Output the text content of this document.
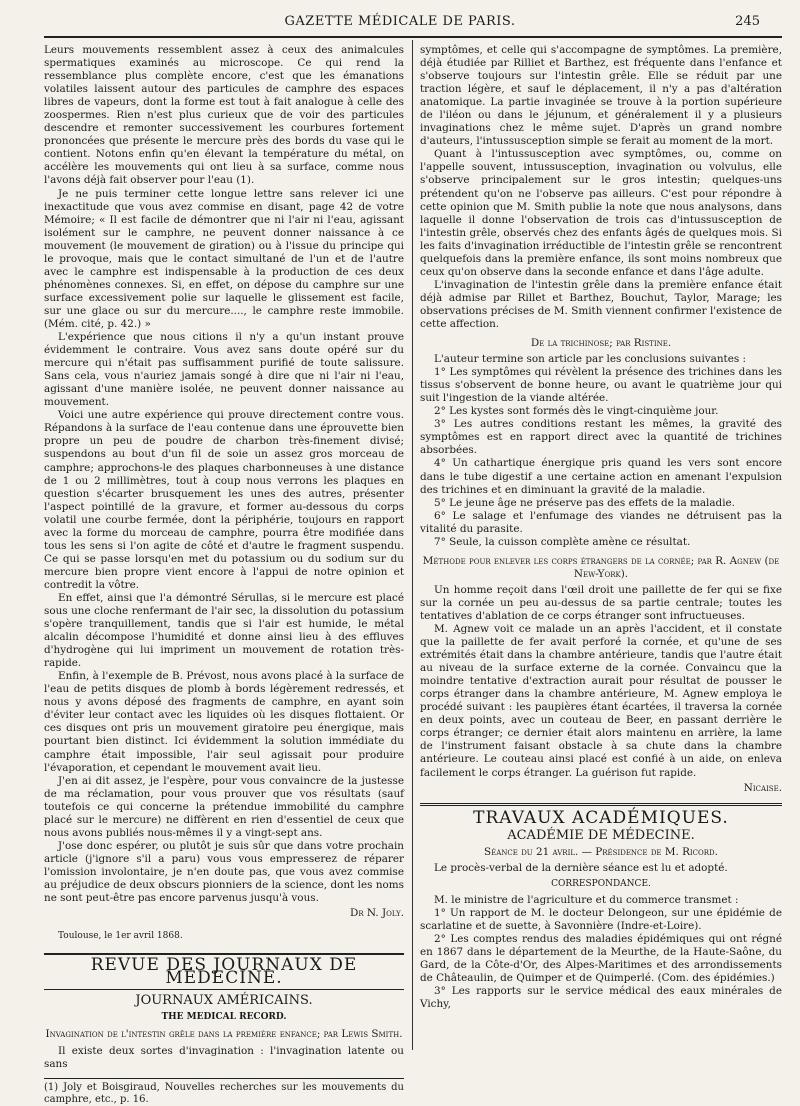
GAZETTE MÉDICALE DE PARIS.	245

Leurs mouvements ressemblent assez à ceux des animalcules spermatiques examinés au microscope. Ce qui rend la ressemblance plus complète encore, c'est que les émanations volatiles laissent autour des particules de camphre des espaces libres de vapeurs, dont la forme est tout à fait analogue à celle des zoospermes. Rien n'est plus curieux que de voir des particules descendre et remonter successivement les courbures fortement prononcées que présente le mercure près des bords du vase qui le contient. Notons enfin qu'en élevant la température du métal, on accélère les mouvements qui ont lieu à sa surface, comme nous l'avons déjà fait observer pour l'eau (1).

Je ne puis terminer cette longue lettre sans relever ici une inexactitude que vous avez commise en disant, page 42 de votre Mémoire; « Il est facile de démontrer que ni l'air ni l'eau, agissant isolément sur le camphre, ne peuvent donner naissance à ce mouvement (le mouvement de giration) ou à l'issue du principe qui le provoque, mais que le contact simultané de l'un et de l'autre avec le camphre est indispensable à la production de ces deux phénomènes connexes. Si, en effet, on dépose du camphre sur une surface excessivement polie sur laquelle le glissement est facile, sur une glace ou sur du mercure...., le camphre reste immobile. (Mém. cité, p. 42.) »

L'expérience que nous citions il n'y a qu'un instant prouve évidemment le contraire. Vous avez sans doute opéré sur du mercure qui n'était pas suffisamment purifié de toute salissure. Sans cela, vous n'auriez jamais songé à dire que ni l'air ni l'eau, agissant d'une manière isolée, ne peuvent donner naissance au mouvement.

Voici une autre expérience qui prouve directement contre vous. Répandons à la surface de l'eau contenue dans une éprouvette bien propre un peu de poudre de charbon très-finement divisé; suspendons au bout d'un fil de soie un assez gros morceau de camphre; approchons-le des plaques charbonneuses à une distance de 1 ou 2 millimètres, tout à coup nous verrons les plaques en question s'écarter brusquement les unes des autres, présenter l'aspect pointillé de la gravure, et former au-dessous du corps volatil une courbe fermée, dont la périphérie, toujours en rapport avec la forme du morceau de camphre, pourra être modifiée dans tous les sens si l'on agite de côté et d'autre le fragment suspendu. Ce qui se passe lorsqu'en met du potassium ou du sodium sur du mercure bien propre vient encore à l'appui de notre opinion et contredit la vôtre.

En effet, ainsi que l'a démontré Sérullas, si le mercure est placé sous une cloche renfermant de l'air sec, la dissolution du potassium s'opère tranquillement, tandis que si l'air est humide, le métal alcalin décompose l'humidité et donne ainsi lieu à des effluves d'hydrogène qui lui impriment un mouvement de rotation très-rapide.

Enfin, à l'exemple de B. Prévost, nous avons placé à la surface de l'eau de petits disques de plomb à bords légèrement redressés, et nous y avons déposé des fragments de camphre, en ayant soin d'éviter leur contact avec les liquides où les disques flottaient. Or ces disques ont pris un mouvement giratoire peu énergique, mais pourtant bien distinct. Ici évidemment la solution immédiate du camphre était impossible, l'air seul agissait pour produire l'évaporation, et cependant le mouvement avait lieu.

J'en ai dit assez, je l'espère, pour vous convaincre de la justesse de ma réclamation, pour vous prouver que vos résultats (sauf toutefois ce qui concerne la prétendue immobilité du camphre placé sur le mercure) ne diffèrent en rien d'essentiel de ceux que nous avons publiés nous-mêmes il y a vingt-sept ans.

J'ose donc espérer, ou plutôt je suis sûr que dans votre prochain article (j'ignore s'il a paru) vous vous empresserez de réparer l'omission involontaire, je n'en doute pas, que vous avez commise au préjudice de deux obscurs pionniers de la science, dont les noms ne sont peut-être pas encore parvenus jusqu'à vous.

Dr N. Joly.
Toulouse, le 1er avril 1868.
REVUE DES JOURNAUX DE MÉDECINE.
JOURNAUX AMÉRICAINS.
THE MEDICAL RECORD.
Invagination de l'intestin grêle dans la première enfance; par Lewis Smith.

Il existe deux sortes d'invagination : l'invagination latente ou sans

(1) Joly et Boisgiraud, Nouvelles recherches sur les mouvements du camphre, etc., p. 16.

symptômes, et celle qui s'accompagne de symptômes. La première, déjà étudiée par Rilliet et Barthez, est fréquente dans l'enfance et s'observe toujours sur l'intestin grêle. Elle se réduit par une traction légère, et sauf le déplacement, il n'y a pas d'altération anatomique. La partie invaginée se trouve à la portion supérieure de l'iléon ou dans le jéjunum, et généralement il y a plusieurs invaginations chez le même sujet. D'après un grand nombre d'auteurs, l'intussusception simple se ferait au moment de la mort.

Quant à l'intussusception avec symptômes, ou, comme on l'appelle souvent, intussusception, invagination ou volvulus, elle s'observe principalement sur le gros intestin; quelques-uns prétendent qu'on ne l'observe pas ailleurs. C'est pour répondre à cette opinion que M. Smith publie la note que nous analysons, dans laquelle il donne l'observation de trois cas d'intussusception de l'intestin grêle, observés chez des enfants âgés de quelques mois. Si les faits d'invagination irréductible de l'intestin grêle se rencontrent quelquefois dans la première enfance, ils sont moins nombreux que ceux qu'on observe dans la seconde enfance et dans l'âge adulte.

L'invagination de l'intestin grêle dans la première enfance était déjà admise par Rillet et Barthez, Bouchut, Taylor, Marage; les observations précises de M. Smith viennent confirmer l'existence de cette affection.

De la trichinose; par Ristine.

L'auteur termine son article par les conclusions suivantes :

1° Les symptômes qui révèlent la présence des trichines dans les tissus s'observent de bonne heure, ou avant le quatrième jour qui suit l'ingestion de la viande altérée.

2° Les kystes sont formés dès le vingt-cinquième jour.

3° Les autres conditions restant les mêmes, la gravité des symptômes est en rapport direct avec la quantité de trichines absorbées.

4° Un cathartique énergique pris quand les vers sont encore dans le tube digestif a une certaine action en amenant l'expulsion des trichines et en diminuant la gravité de la maladie.

5° Le jeune âge ne préserve pas des effets de la maladie.

6° Le salage et l'enfumage des viandes ne détruisent pas la vitalité du parasite.

7° Seule, la cuisson complète amène ce résultat.

Méthode pour enlever les corps étrangers de la cornée; par R. Agnew (de New-York).

Un homme reçoit dans l'œil droit une paillette de fer qui se fixe sur la cornée un peu au-dessus de sa partie centrale; toutes les tentatives d'ablation de ce corps étranger sont infructueuses.

M. Agnew voit ce malade un an après l'accident, et il constate que la paillette de fer avait perforé la cornée, et qu'une de ses extrémités était dans la chambre antérieure, tandis que l'autre était au niveau de la surface externe de la cornée. Convaincu que la moindre tentative d'extraction aurait pour résultat de pousser le corps étranger dans la chambre antérieure, M. Agnew employa le procédé suivant : les paupières étant écartées, il traversa la cornée en deux points, avec un couteau de Beer, en passant derrière le corps étranger; ce dernier était alors maintenu en arrière, la lame de l'instrument faisant obstacle à sa chute dans la chambre antérieure. Le couteau ainsi placé est confié à un aide, on enleva facilement le corps étranger. La guérison fut rapide.

Nicaise.
TRAVAUX ACADÉMIQUES.
ACADÉMIE DE MÉDECINE.
Séance du 21 avril. — Présidence de M. Ricord.

Le procès-verbal de la dernière séance est lu et adopté.

CORRESPONDANCE.

M. le ministre de l'agriculture et du commerce transmet :

1° Un rapport de M. le docteur Delongeon, sur une épidémie de scarlatine et de suette, à Savonnière (Indre-et-Loire).

2° Les comptes rendus des maladies épidémiques qui ont régné en 1867 dans le département de la Meurthe, de la Haute-Saône, du Gard, de la Côte-d'Or, des Alpes-Maritimes et des arrondissements de Châteaulin, de Quimper et de Quimperlé. (Com. des épidémies.)

3° Les rapports sur le service médical des eaux minérales de Vichy,
